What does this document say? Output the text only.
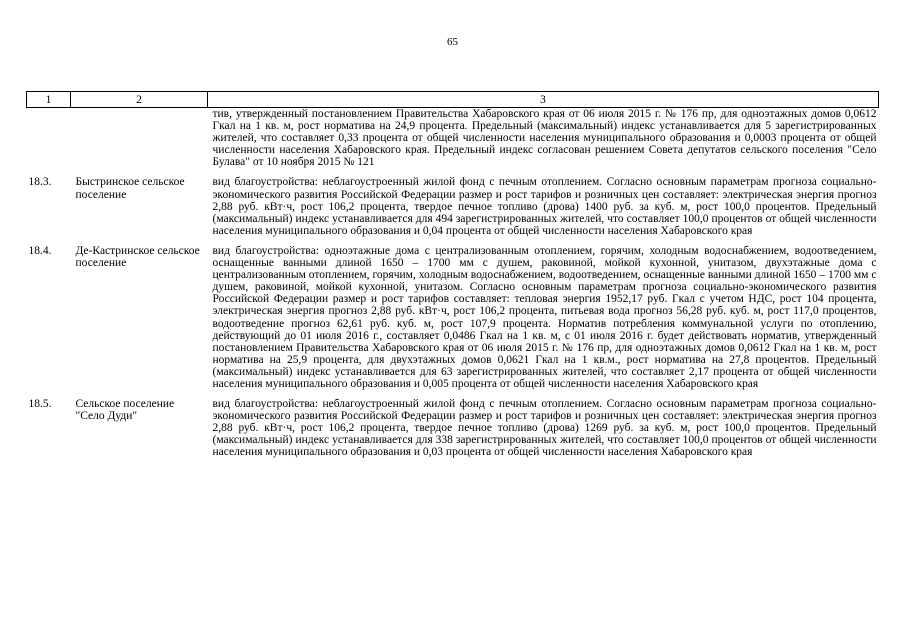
65
1	2	3
		тив, утвержденный постановлением Правительства Хабаровского края от 06 июля 2015 г. № 176 пр, для одноэтажных домов 0,0612 Гкал на 1 кв. м, рост норматива на 24,9 процента. Предельный (максимальный) индекс устанавливается для 5 зарегистрированных жителей, что составляет 0,33 процента от общей численности населения муниципального образования и 0,0003 процента от общей численности населения Хабаровского края. Предельный индекс согласован решением Совета депутатов сельского поселения "Село Булава" от 10 ноября 2015 № 121
18.3.	Быстринское сельское поселение	вид благоустройства: неблагоустроенный жилой фонд с печным отоплением. Согласно основным параметрам прогноза социально-экономического развития Российской Федерации размер и рост тарифов и розничных цен составляет: электрическая энергия прогноз 2,88 руб. кВт·ч, рост 106,2 процента, твердое печное топливо (дрова) 1400 руб. за куб. м, рост 100,0 процентов. Предельный (максимальный) индекс устанавливается для 494 зарегистрированных жителей, что составляет 100,0 процентов от общей численности населения муниципального образования и 0,04 процента от общей численности населения Хабаровского края
18.4.	Де-Кастринское сельское поселение	вид благоустройства: одноэтажные дома с централизованным отоплением, горячим, холодным водоснабжением, водоотведением, оснащенные ванными длиной 1650 – 1700 мм с душем, раковиной, мойкой кухонной, унитазом, двухэтажные дома с централизованным отоплением, горячим, холодным водоснабжением, водоотведением, оснащенные ванными длиной 1650 – 1700 мм с душем, раковиной, мойкой кухонной, унитазом. Согласно основным параметрам прогноза социально-экономического развития Российской Федерации размер и рост тарифов составляет: тепловая энергия 1952,17 руб. Гкал с учетом НДС, рост 104 процента, электрическая энергия прогноз 2,88 руб. кВт·ч, рост 106,2 процента, питьевая вода прогноз 56,28 руб. куб. м, рост 117,0 процентов, водоотведение прогноз 62,61 руб. куб. м, рост 107,9 процента. Норматив потребления коммунальной услуги по отоплению, действующий до 01 июля 2016 г., составляет 0,0486 Гкал на 1 кв. м, с 01 июля 2016 г. будет действовать норматив, утвержденный постановлением Правительства Хабаровского края от 06 июля 2015 г. № 176 пр, для одноэтажных домов 0,0612 Гкал на 1 кв. м, рост норматива на 25,9 процента, для двухэтажных домов 0,0621 Гкал на 1 кв.м., рост норматива на 27,8 процентов. Предельный (максимальный) индекс устанавливается для 63 зарегистрированных жителей, что составляет 2,17 процента от общей численности населения муниципального образования и 0,005 процента от общей численности населения Хабаровского края
18.5.	Сельское поселение "Село Дуди"	вид благоустройства: неблагоустроенный жилой фонд с печным отоплением. Согласно основным параметрам прогноза социально-экономического развития Российской Федерации размер и рост тарифов и розничных цен составляет: электрическая энергия прогноз 2,88 руб. кВт·ч, рост 106,2 процента, твердое печное топливо (дрова) 1269 руб. за куб. м, рост 100,0 процентов. Предельный (максимальный) индекс устанавливается для 338 зарегистрированных жителей, что составляет 100,0 процентов от общей численности населения муниципального образования и 0,03 процента от общей численности населения Хабаровского края
